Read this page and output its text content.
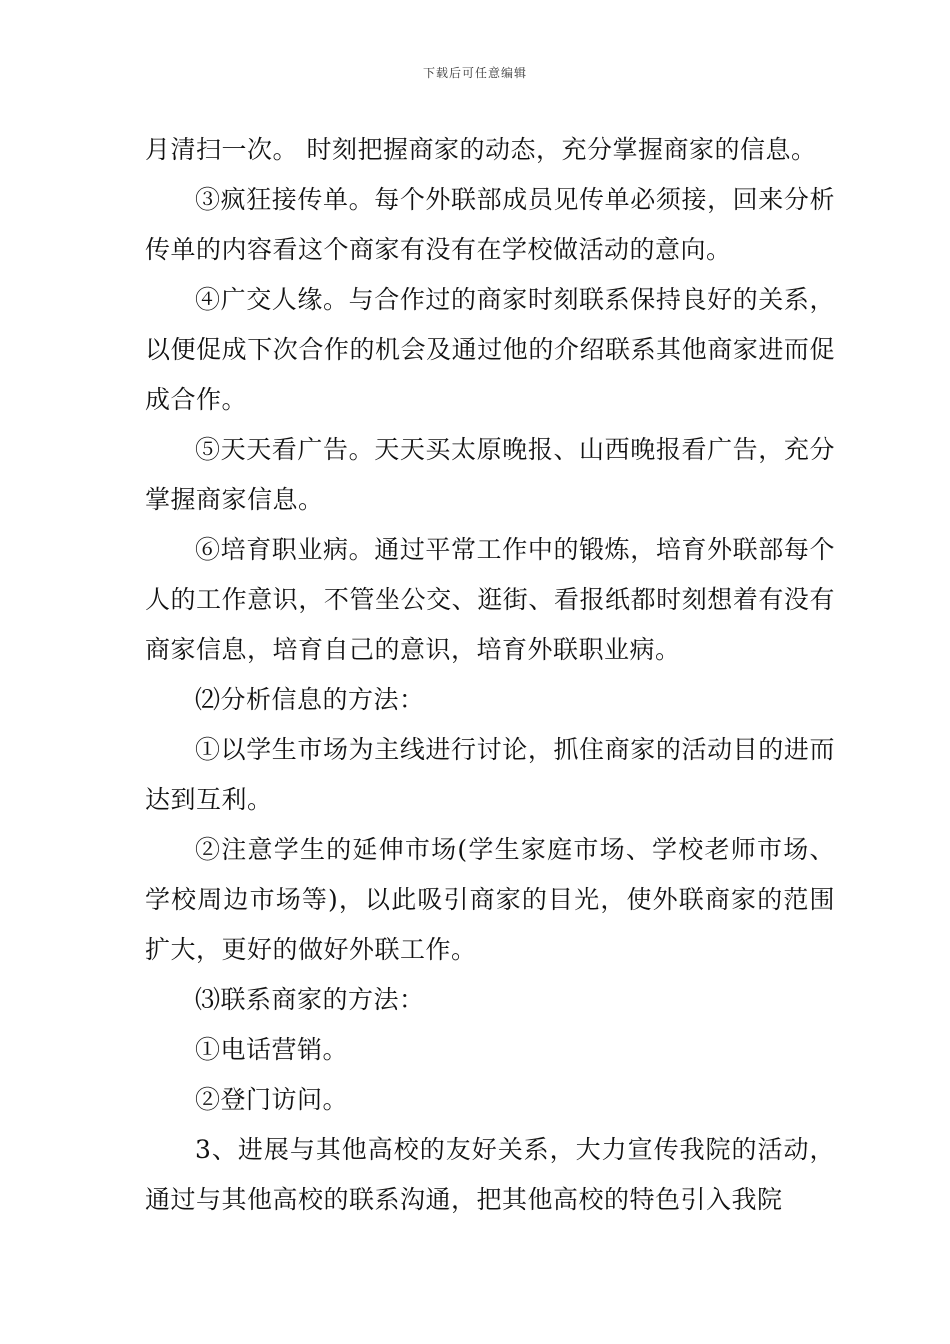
下载后可任意编辑

月清扫一次。 时刻把握商家的动态，充分掌握商家的信息。

③疯狂接传单。每个外联部成员见传单必须接，回来分析传单的内容看这个商家有没有在学校做活动的意向。

④广交人缘。与合作过的商家时刻联系保持良好的关系，以便促成下次合作的机会及通过他的介绍联系其他商家进而促成合作。

⑤天天看广告。天天买太原晚报、山西晚报看广告，充分掌握商家信息。

⑥培育职业病。通过平常工作中的锻炼，培育外联部每个人的工作意识，不管坐公交、逛街、看报纸都时刻想着有没有商家信息，培育自己的意识，培育外联职业病。

⑵分析信息的方法：

①以学生市场为主线进行讨论，抓住商家的活动目的进而达到互利。

②注意学生的延伸市场(学生家庭市场、学校老师市场、学校周边市场等)，以此吸引商家的目光，使外联商家的范围扩大，更好的做好外联工作。

⑶联系商家的方法：

①电话营销。

②登门访问。

3、进展与其他高校的友好关系，大力宣传我院的活动，通过与其他高校的联系沟通，把其他高校的特色引入我院
